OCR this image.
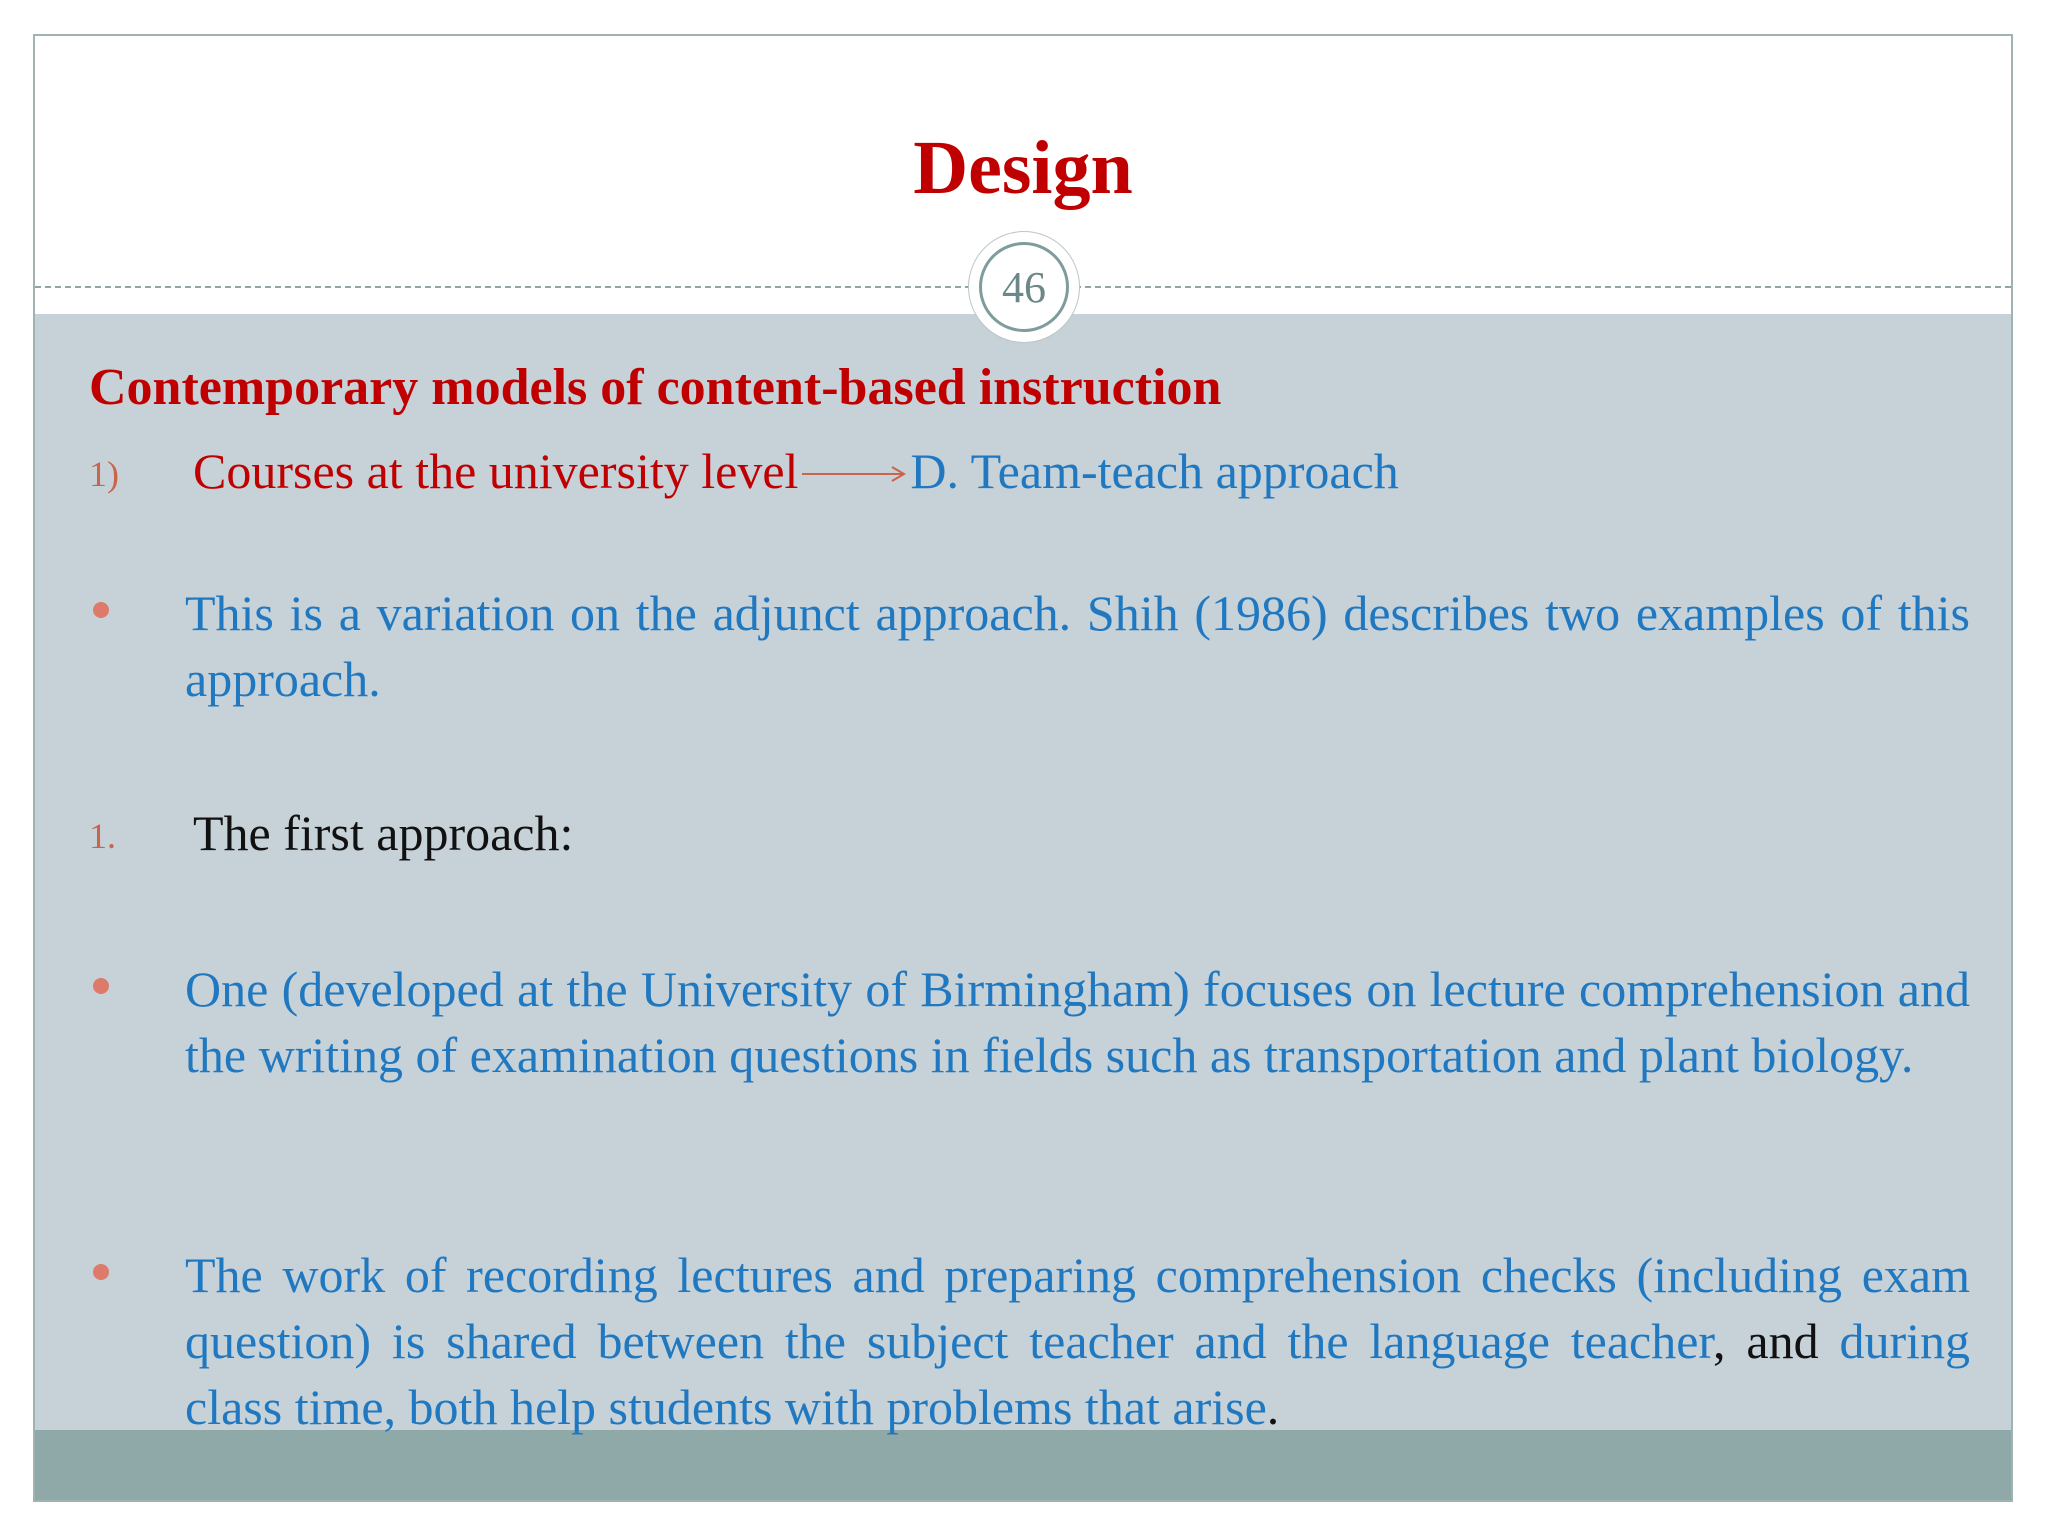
Design
46
Contemporary models of content-based instruction
1) Courses at the university level D. Team-teach approach
This is a variation on the adjunct approach. Shih (1986) describes two examples of this approach.
1. The first approach:
One (developed at the University of Birmingham) focuses on lecture comprehension and the writing of examination questions in fields such as transportation and plant biology.
The work of recording lectures and preparing comprehension checks (including exam question) is shared between the subject teacher and the language teacher, and during class time, both help students with problems that arise.
